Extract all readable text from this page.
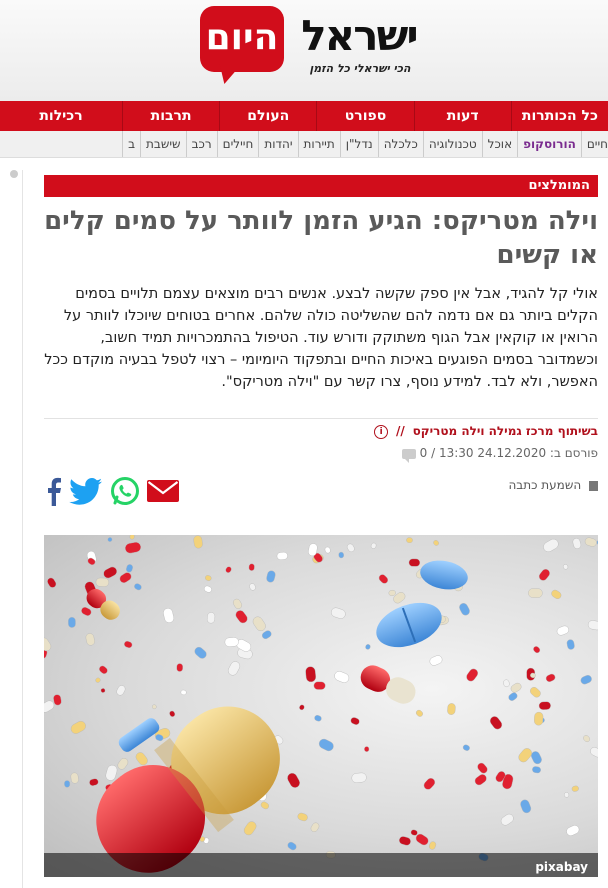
היום ישראל
הכי ישראלי כל הזמן
כל הכותרות
דעות
ספורט
העולם
תרבות
רכילות
חיים
הורוסקופ
אוכל
טכנולוגיה
כלכלה
נדל"ן
תיירות
יהדות
חיילים
רכב
שישבת
ב
המומלצים
וילה מטריקס: הגיע הזמן לוותר על סמים קלים או קשים
אולי קל להגיד, אבל אין ספק שקשה לבצע. אנשים רבים מוצאים עצמם תלויים בסמים הקלים ביותר גם אם נדמה להם שהשליטה כולה שלהם. אחרים בטוחים שיוכלו לוותר על הרואין או קוקאין אבל הגוף משתוקק ודורש עוד. הטיפול בהתמכרויות תמיד חשוב, וכשמדובר בסמים הפוגעים באיכות החיים ובתפקוד היומיומי – רצוי לטפל בבעיה מוקדם ככל האפשר, ולא לבד. למידע נוסף, צרו קשר עם "וילה מטריקס".
בשיתוף מרכז גמילה וילה מטריקס // i
פורסם ב: 24.12.2020 13:30 / 0
השמעת כתבה
pixabay
